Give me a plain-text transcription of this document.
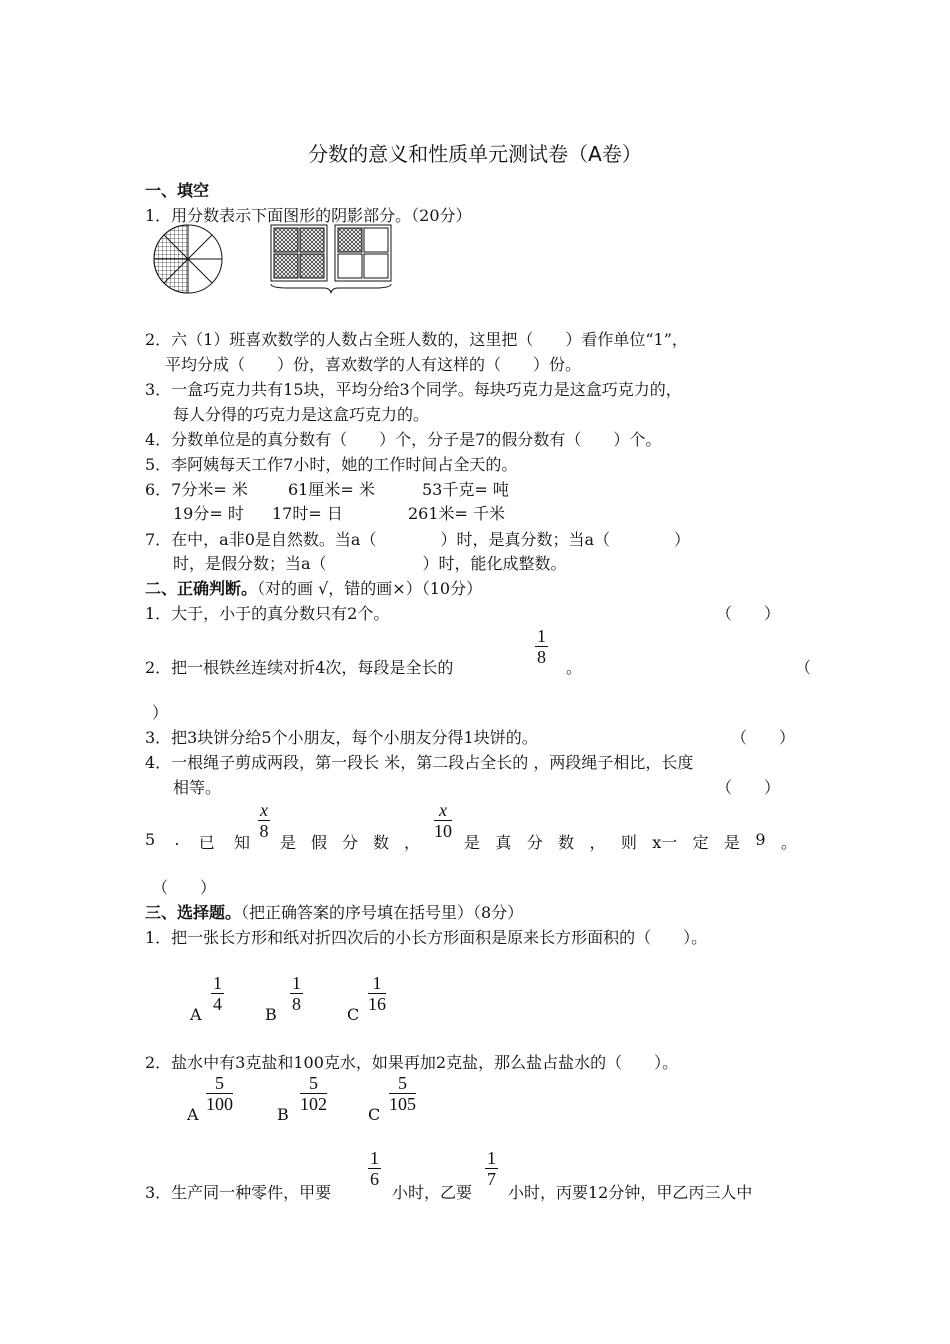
分数的意义和性质单元测试卷（A卷）
一、填空
1．用分数表示下面图形的阴影部分。（20分）
2．六（1）班喜欢数学的人数占全班人数的，这里把（　　）看作单位“1”，
平均分成（　　）份，喜欢数学的人有这样的（　　）份。
3．一盒巧克力共有15块，平均分给3个同学。每块巧克力是这盒巧克力的，
每人分得的巧克力是这盒巧克力的。
4．分数单位是的真分数有（　　）个，分子是7的假分数有（　　）个。
5．李阿姨每天工作7小时，她的工作时间占全天的。
6．7分米= 米	61厘米= 米	53千克= 吨
19分= 时 17时= 日	261米= 千米
7．在中，a非0是自然数。当a（　　　　）时，是真分数；当a（　　　　）
时，是假分数；当a（　　　　　　）时，能化成整数。
二、正确判断。（对的画 √，错的画×）（10分）
1．大于，小于的真分数只有2个。	（　　）
2．把一根铁丝连续对折4次，每段是全长的
$\frac{1}{8}$
。	（
）
3．把3块饼分给5个小朋友，每个小朋友分得1块饼的。	（　　）
4．一根绳子剪成两段，第一段长 米，第二段占全长的 ，两段绳子相比，长度
相等。	（　　）
5 . 已 知
$\frac{x}{8}$
是 假 分 数 ，
$\frac{x}{10}$
是 真 分 数 ， 则 x一 定 是 9 。
（　　）
三、选择题。（把正确答案的序号填在括号里）（8分）
1．把一张长方形和纸对折四次后的小长方形面积是原来长方形面积的（　　）。
A
$\frac{1}{4}$
B
$\frac{1}{8}$
C
$\frac{1}{16}$
2．盐水中有3克盐和100克水，如果再加2克盐，那么盐占盐水的（　　）。
A
$\frac{5}{100}$
B
$\frac{5}{102}$
C
$\frac{5}{105}$
3．生产同一种零件，甲要
$\frac{1}{6}$
小时，乙要
$\frac{1}{7}$
小时，丙要12分钟，甲乙丙三人中
